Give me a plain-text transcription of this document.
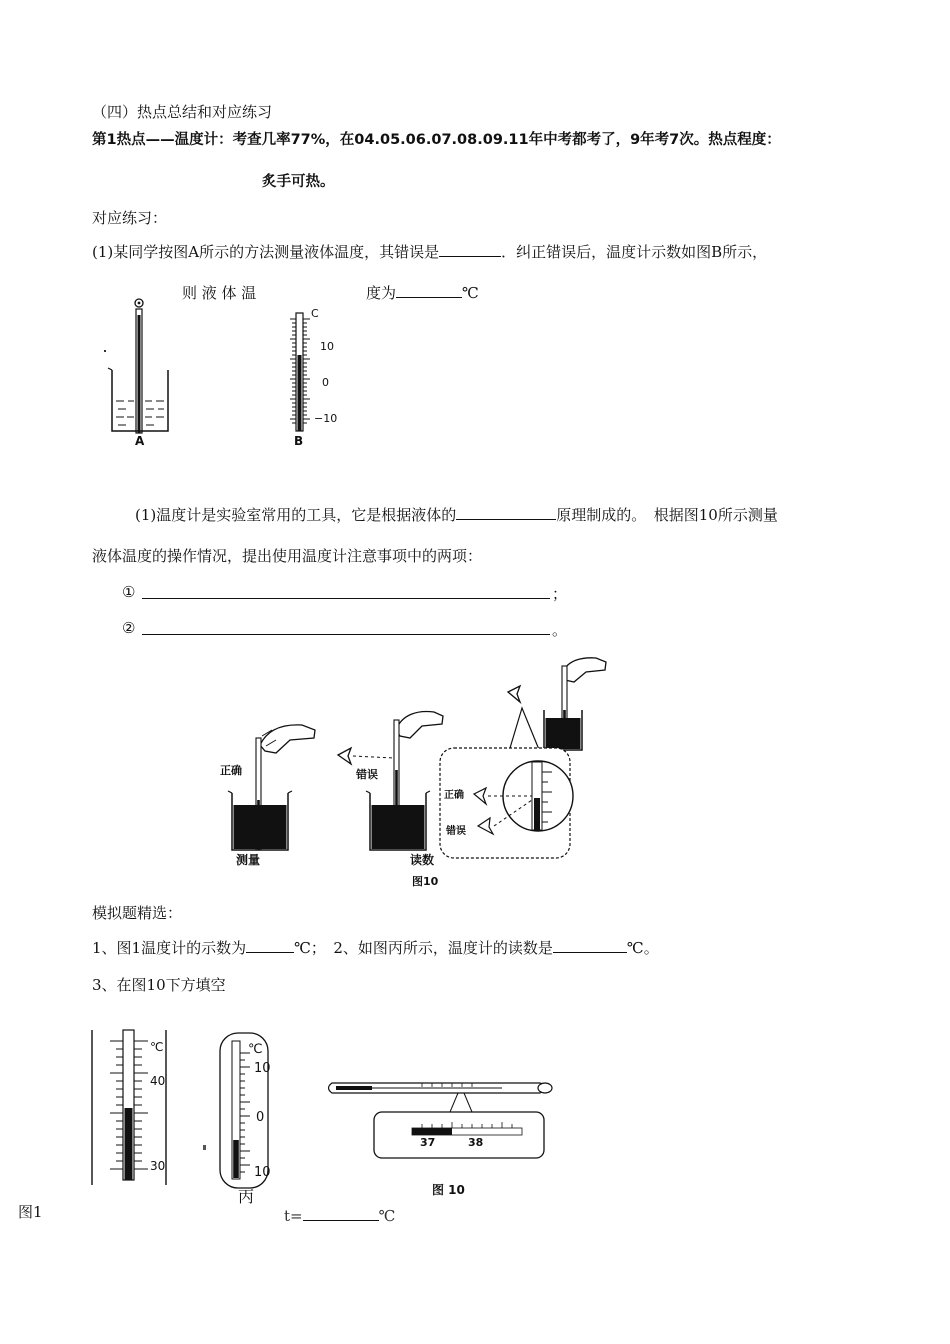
（四）热点总结和对应练习
第1热点——温度计：考查几率77%，在04.05.06.07.08.09.11年中考都考了，9年考7次。热点程度：
炙手可热。
对应练习：
(1)某同学按图A所示的方法测量液体温度，其错误是	．纠正错误后，温度计示数如图B所示，
则 液 体 温	度为	℃
A
C
10
0
−10
B
(1)温度计是实验室常用的工具，它是根据液体的	原理制成的。　根据图10所示测量
液体温度的操作情况，提出使用温度计注意事项中的两项：
①	；
②	。
正确
测量
错误
读数
正确
错误
图10
模拟题精选：
1、图1温度计的示数为	℃；　2、如图丙所示，温度计的读数是	℃。
3、在图10下方填空
℃
40
30
图1
℃
10
0
10
丙
37	38
图 10
t=	℃
